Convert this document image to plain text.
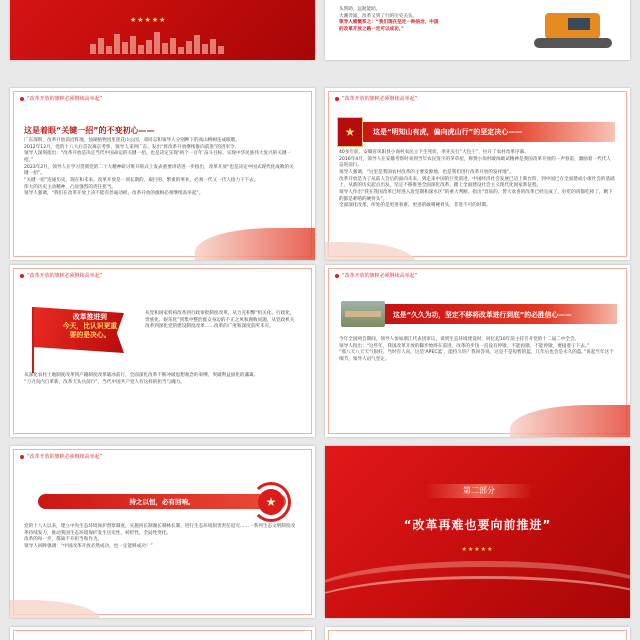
★★★★★
头帮助，远航能助。
大潮奔涌，改革又到了行的历史关头。
领导人感慨系之：“我们现在坚定一种信念，中国
的改革开放之路一定可以成功。”
“改革开放的旗帜必须继续高举起”
这是着眼“关键一招”的不变初心——
广东深圳，改革开放前沿阵地。仙湖植物园里莲花山公园，邓同志和领导人分别种下的高山榕树连成眼瞎。
2012年12月，党的十八大后首次离京考察，领导人来到广东，发出“将改革开放继续推向前进”的进军令。
领导人深刻指出：“改革开放是决定当代中国命运的关键一招，也是决定实现‘两个一百年’奋斗目标、实现中华民族伟大复兴的关键一招。”
2023年2月，领导人在学习贯彻党的二十大精神研讨班开班式上发表重要讲话进一步指出，改革开放“也是决定中国式现代化成败的关键一招”。
“关键一招”连通历史、现在和未来。改革开放是一项长期的、艰巨的、繁重的事业，必须一代又一代人接力干下去。
伟大的历史主动精神，凸显强烈的责任担当。
领导人强调，“我们在改革开放上决不能有丝毫动摇，改革开放的旗帜必须继续高举起”。
“改革开放的旗帜必须继续高举起”
★	这是“明知山有虎，偏向虎山行”的坚定决心——
40多年前，安徽省凤阳县小岗村农民立下生死状，率先实行“大包干”，拉开了农村改革序幕。
2016年4月，领导人在安徽考察时来到当年农民签字的茅草屋，称赞小岗村敢闯敢试精神是我国改革开放的一声春雷，激励着一代代人奋进前行。
领导人强调，“这里是我国农村改革的主要发源地，也是我们进行改革开放的发祥地”。
改革开放是为了从前人会后的面向未来，到走来中国的巨变前进，中国经济社会发展已迈上新台阶，到中国已在全面建成小康社会的基础上，从新的历史起点出发，坚定不移推进全面深化改革，踏上全面建设社会主义现代化国家新征程。
领导人作出“我在我国改革已经进入攻坚期和深水区”的重大判断，指出“容易的、皆大欢喜的改革已经完成了，好吃的肉都吃掉了，剩下的都是难啃的硬骨头”。
全面深化改革，所处的是更进看难、更进的敢啃硬骨头，非进不可的时期。
“改革开放的旗帜必须继续高举起”
改革推进到
今天，比认识更重
要的是决心。
从党和国家机构改革到行政审批制度改革，从力克积弊“机关化、行政化、贵族化、娱乐化”到集中整治群众身边的不正之风和腐败问题，从党政机关改革到深化党的建设制度改革……改革的广度和深度前所未有。
从深化农村土地制度改革到户籍制度改革破冰前行，全面深化改革不断冲破思想观念的束缚，突破利益固化的藩篱。
“刀刃向内自革新，改革天头兵前行”，当代中国共产党人有这样的担当与魄力。
“改革开放的旗帜必须继续高举起”
这是“久久为功，坚定不移将改革进行到底”的必胜信心——
今年全国两会期间，领导人参加浙江代表团审议，谈到生态环境建设时，回忆起10年前主持召开党的十二届二中全会。
领导人指出：“这些年，我国改革开放的脚步始终在前进，改革的步伐一直没有停歇，不能再歇，不能停歇，要接着干下去。”
“那八天八天天气很好，当时有人问，这是‘APEC蓝’，能持久吗？我回答说，这是不是短暂的蓝，几年后也会是永久的蓝。”说起当年这个细节，领导人语气坚定。
“改革开放的旗帜必须继续高举起”
持之以恒，必有回响。	★
党的十八大以来，建立中央生态环境保护督察制度，实施河长制湖长制林长制，进行生态环境损害责任追究……一系列生态文明制度改革持续发力，推动我国生态环境保护发生历史性、转折性、全局性变化。
改革的每一步，都离不开担当和作为。
领导人回眸强调：“中国改革开放必然成功，也一定能够成功！”
第二部分
“改革再难也要向前推进”
★★★★★
